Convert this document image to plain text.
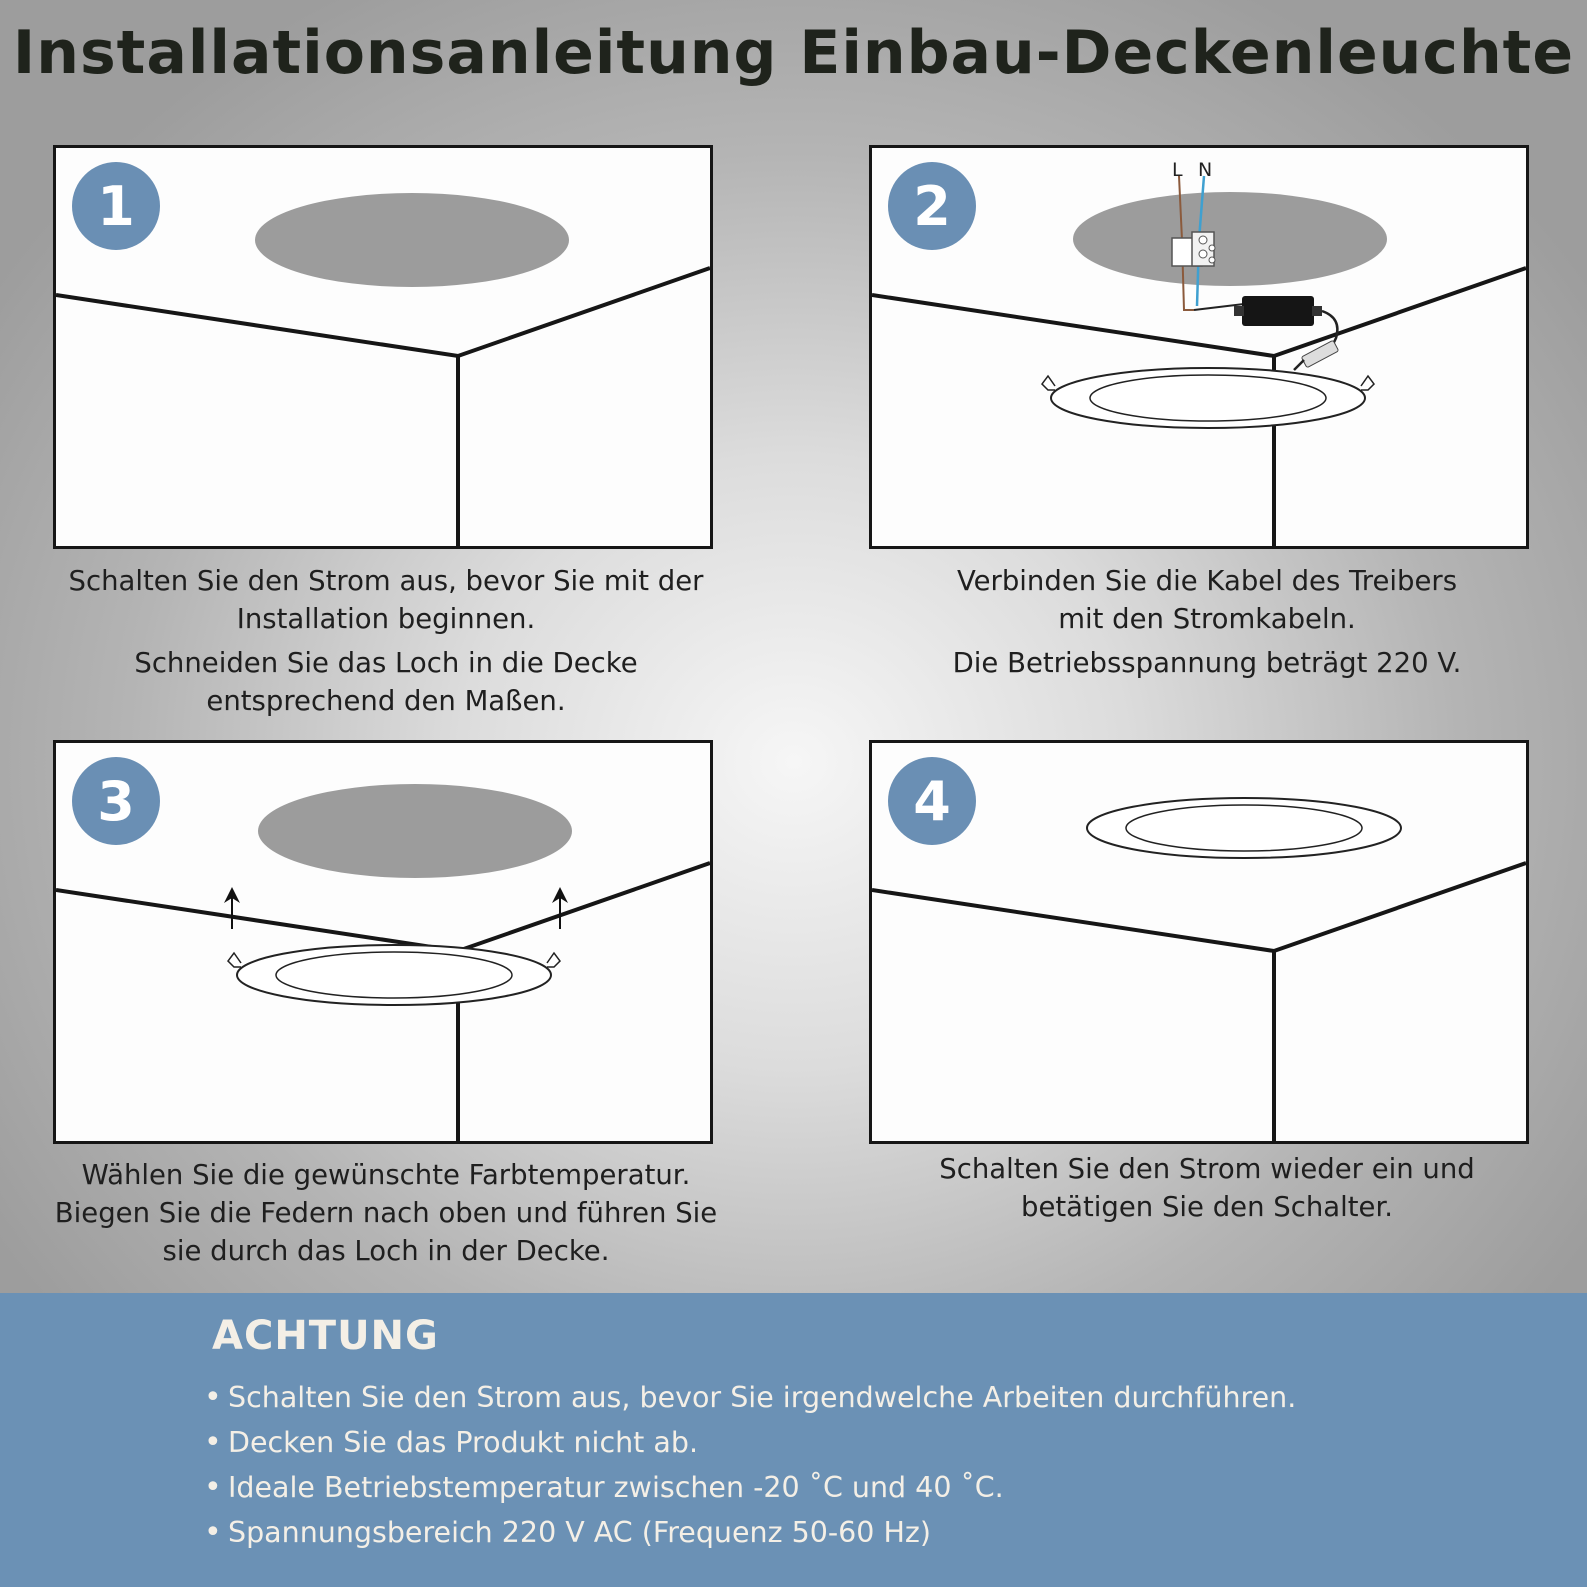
Installationsanleitung Einbau-Deckenleuchte
1

Schalten Sie den Strom aus, bevor Sie mit der

Installation beginnen.

Schneiden Sie das Loch in die Decke

entsprechend den Maßen.

L N
2

Verbinden Sie die Kabel des Treibers

mit den Stromkabeln.

Die Betriebsspannung beträgt 220 V.

3

Wählen Sie die gewünschte Farbtemperatur.

Biegen Sie die Federn nach oben und führen Sie

sie durch das Loch in der Decke.

4

Schalten Sie den Strom wieder ein und

betätigen Sie den Schalter.

ACHTUNG
• Schalten Sie den Strom aus, bevor Sie irgendwelche Arbeiten durchführen.
• Decken Sie das Produkt nicht ab.
• Ideale Betriebstemperatur zwischen -20 ˚C und 40 ˚C.
• Spannungsbereich 220 V AC (Frequenz 50-60 Hz)
